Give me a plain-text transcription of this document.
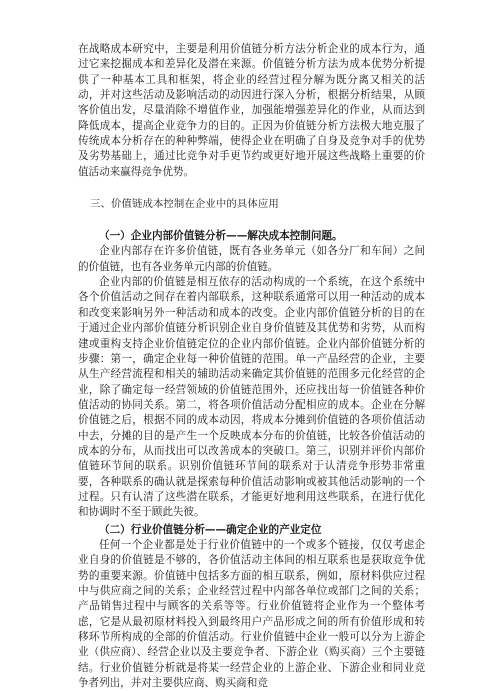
在战略成本研究中，主要是利用价值链分析方法分析企业的成本行为，通过它来挖掘成本和差异化及潜在来源。价值链分析方法为成本优势分析提供了一种基本工具和框架，将企业的经营过程分解为既分离又相关的活动，并对这些活动及影响活动的动因进行深入分析，根据分析结果，从顾客价值出发，尽量消除不增值作业，加强能增强差异化的作业，从而达到降低成本，提高企业竞争力的目的。正因为价值链分析方法极大地克服了传统成本分析存在的种种弊端，使得企业在明确了自身及竞争对手的优势及劣势基础上，通过比竞争对手更节约或更好地开展这些战略上重要的价值活动来赢得竞争优势。

三、价值链成本控制在企业中的具体应用
（一）企业内部价值链分析——解决成本控制问题。

企业内部存在许多价值链，既有各业务单元（如各分厂和车间）之间的价值链，也有各业务单元内部的价值链。

企业内部的价值链是相互依存的活动构成的一个系统，在这个系统中各个价值活动之间存在着内部联系，这种联系通常可以用一种活动的成本和改变来影响另外一种活动和成本的改变。企业内部价值链分析的目的在于通过企业内部价值链分析识别企业自身价值链及其优势和劣势，从而构建或重构支持企业价值链定位的企业内部价值链。企业内部价值链分析的步骤：第一，确定企业每一种价值链的范围。单一产品经营的企业，主要从生产经营流程和相关的辅助活动来确定其价值链的范围多元化经营的企业，除了确定每一经营领域的价值链范围外，还应找出每一价值链各种价值活动的协同关系。第二，将各项价值活动分配相应的成本。企业在分解价值链之后，根据不同的成本动因，将成本分摊到价值链的各项价值活动中去，分摊的目的是产生一个反映成本分布的价值链，比较各价值活动的成本的分布，从而找出可以改善成本的突破口。第三，识别并评价内部价值链环节间的联系。识别价值链环节间的联系对于认清竞争形势非常重要，各种联系的确认就是探索每种价值活动影响或被其他活动影响的一个过程。只有认清了这些潜在联系，才能更好地利用这些联系，在进行优化和协调时不至于顾此失彼。

（二）行业价值链分析——确定企业的产业定位

任何一个企业都是处于行业价值链中的一个或多个链接，仅仅考虑企业自身的价值链是不够的，各价值活动主体间的相互联系也是获取竞争优势的重要来源。价值链中包括多方面的相互联系，例如，原材料供应过程中与供应商之间的关系；企业经营过程中内部各单位或部门之间的关系；产品销售过程中与顾客的关系等等。行业价值链将企业作为一个整体考虑，它是从最初原材料投入到最终用户产品形成之间的所有价值形成和转移环节所构成的全部的价值活动。行业价值链中企业一般可以分为上游企业（供应商）、经营企业以及主要竞争者、下游企业（购买商）三个主要链结。行业价值链分析就是将某一经营企业的上游企业、下游企业和同业竞争者列出，并对主要供应商、购买商和竞
